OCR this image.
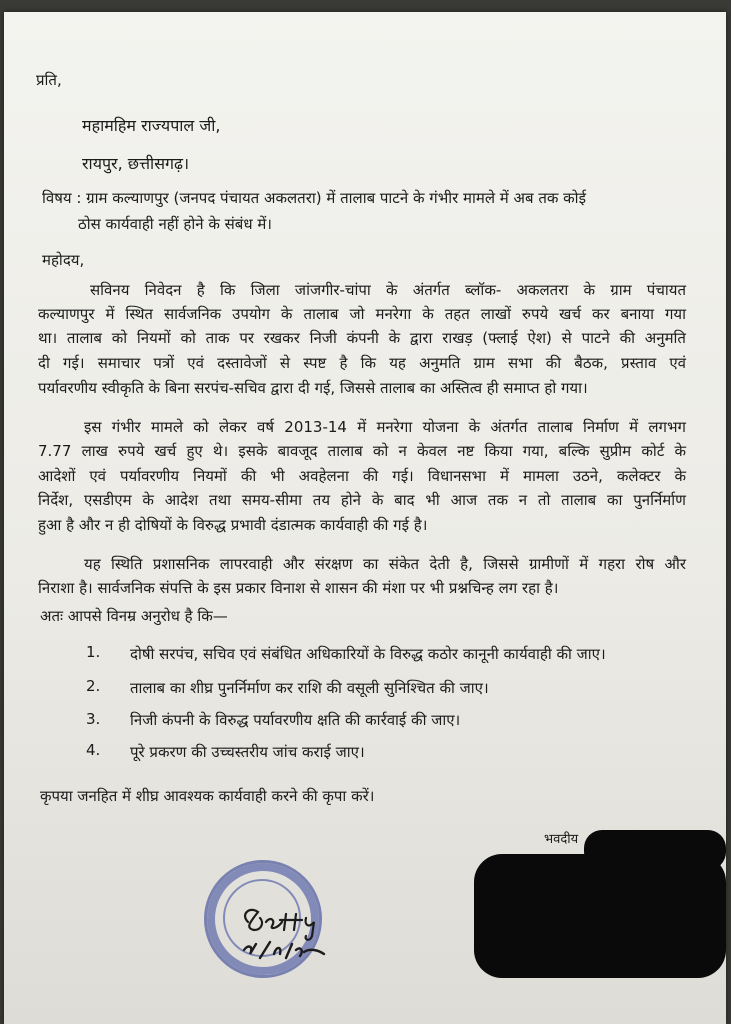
प्रति,
महामहिम राज्यपाल जी,
रायपुर, छत्तीसगढ़।
विषय : ग्राम कल्याणपुर (जनपद पंचायत अकलतरा) में तालाब पाटने के गंभीर मामले में अब तक कोई
ठोस कार्यवाही नहीं होने के संबंध में।
महोदय,
सविनय निवेदन है कि जिला जांजगीर-चांपा के अंतर्गत ब्लॉक- अकलतरा के ग्राम पंचायत
कल्याणपुर में स्थित सार्वजनिक उपयोग के तालाब जो मनरेगा के तहत लाखों रुपये खर्च कर बनाया गया
था। तालाब को नियमों को ताक पर रखकर निजी कंपनी के द्वारा राखड़ (फ्लाई ऐश) से पाटने की अनुमति
दी गई। समाचार पत्रों एवं दस्तावेजों से स्पष्ट है कि यह अनुमति ग्राम सभा की बैठक, प्रस्ताव एवं
पर्यावरणीय स्वीकृति के बिना सरपंच-सचिव द्वारा दी गई, जिससे तालाब का अस्तित्व ही समाप्त हो गया।
इस गंभीर मामले को लेकर वर्ष 2013-14 में मनरेगा योजना के अंतर्गत तालाब निर्माण में लगभग
7.77 लाख रुपये खर्च हुए थे। इसके बावजूद तालाब को न केवल नष्ट किया गया, बल्कि सुप्रीम कोर्ट के
आदेशों एवं पर्यावरणीय नियमों की भी अवहेलना की गई। विधानसभा में मामला उठने, कलेक्टर के
निर्देश, एसडीएम के आदेश तथा समय-सीमा तय होने के बाद भी आज तक न तो तालाब का पुनर्निर्माण
हुआ है और न ही दोषियों के विरुद्ध प्रभावी दंडात्मक कार्यवाही की गई है।
यह स्थिति प्रशासनिक लापरवाही और संरक्षण का संकेत देती है, जिससे ग्रामीणों में गहरा रोष और
निराशा है। सार्वजनिक संपत्ति के इस प्रकार विनाश से शासन की मंशा पर भी प्रश्नचिन्ह लग रहा है।
अतः आपसे विनम्र अनुरोध है कि—
1. दोषी सरपंच, सचिव एवं संबंधित अधिकारियों के विरुद्ध कठोर कानूनी कार्यवाही की जाए।
2. तालाब का शीघ्र पुनर्निर्माण कर राशि की वसूली सुनिश्चित की जाए।
3. निजी कंपनी के विरुद्ध पर्यावरणीय क्षति की कार्रवाई की जाए।
4. पूरे प्रकरण की उच्चस्तरीय जांच कराई जाए।
कृपया जनहित में शीघ्र आवश्यक कार्यवाही करने की कृपा करें।
भवदीय
